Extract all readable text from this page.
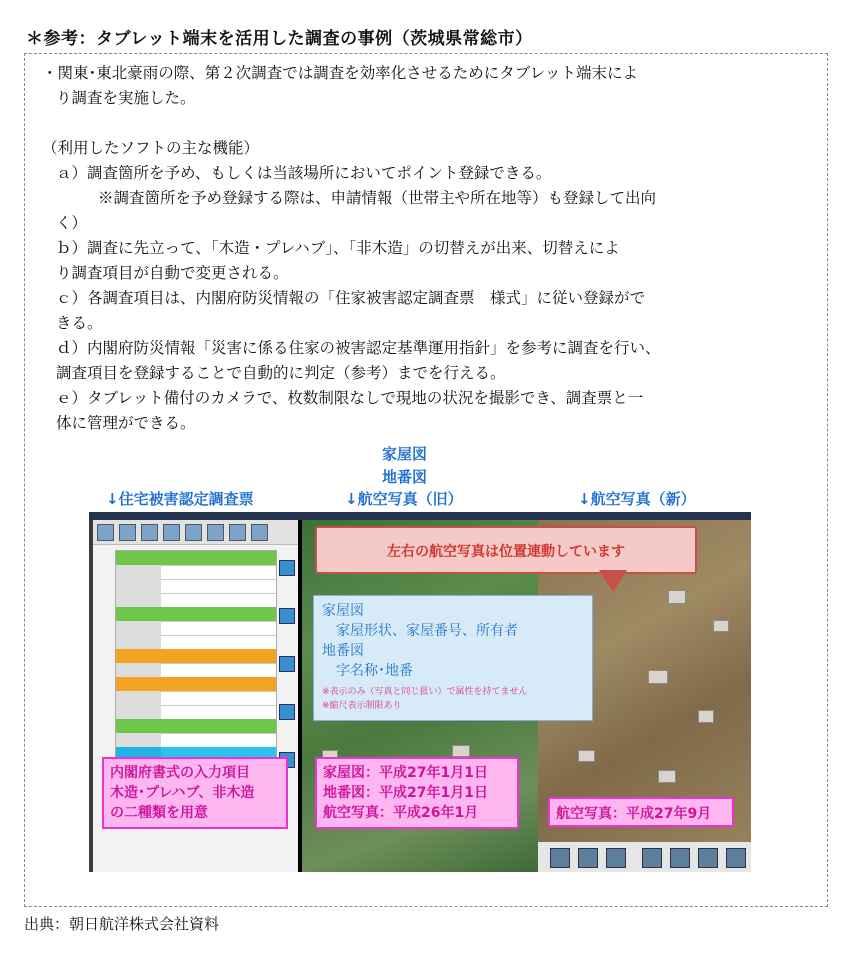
＊参考：タブレット端末を活用した調査の事例（茨城県常総市）
・関東･東北豪雨の際、第２次調査では調査を効率化させるためにタブレット端末によ
り調査を実施した。
（利用したソフトの主な機能）
ａ）調査箇所を予め、もしくは当該場所においてポイント登録できる。
※調査箇所を予め登録する際は、申請情報（世帯主や所在地等）も登録して出向
く）
ｂ）調査に先立って、「木造・プレハブ」、「非木造」の切替えが出来、切替えによ
り調査項目が自動で変更される。
ｃ）各調査項目は、内閣府防災情報の「住家被害認定調査票　様式」に従い登録がで
きる。
ｄ）内閣府防災情報「災害に係る住家の被害認定基準運用指針」を参考に調査を行い、
調査項目を登録することで自動的に判定（参考）までを行える。
ｅ）タブレット備付のカメラで、枚数制限なしで現地の状況を撮影でき、調査票と一
体に管理ができる。
家屋図
地番図
↓航空写真（旧）
↓住宅被害認定調査票	↓航空写真（新）
左右の航空写真は位置連動しています
家屋図
家屋形状、家屋番号、所有者
地番図
字名称･地番
※表示のみ（写真と同じ扱い）で属性を持てません
※縮尺表示制限あり
内閣府書式の入力項目
木造･プレハブ、非木造
の二種類を用意
家屋図：平成27年1月1日
地番図：平成27年1月1日
航空写真：平成26年1月	航空写真：平成27年9月
出典：朝日航洋株式会社資料
